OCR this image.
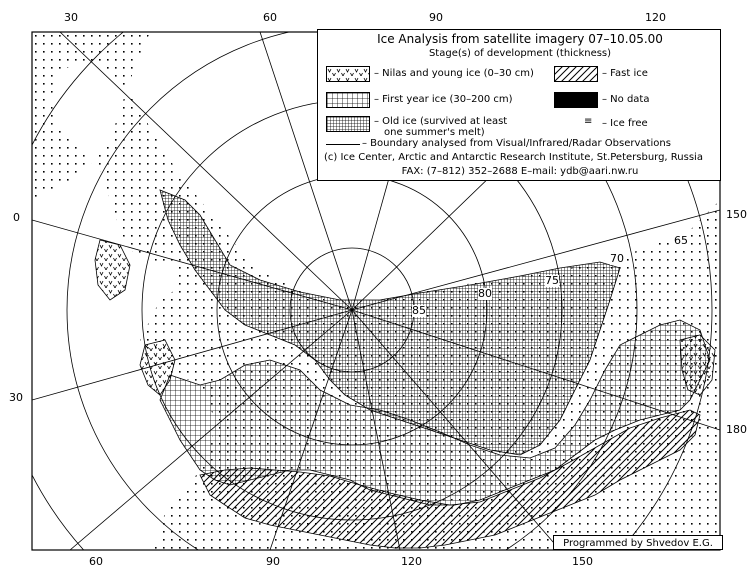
30	60	90	120
60	90	120	150
0
30
150
180
85
80
75
70
65
Ice Analysis from satellite imagery 07–10.05.00
Stage(s) of development (thickness)
– Nilas and young ice (0–30 cm)	– Fast ice
– First year ice (30–200 cm)	– No data
– Old ice (survived at least
one summer's melt)
≡ – Ice free
– Boundary analysed from Visual/Infrared/Radar Observations
(c) Ice Center, Arctic and Antarctic Research Institute, St.Petersburg, Russia
FAX: (7–812) 352–2688 E–mail: ydb@aari.nw.ru
Programmed by Shvedov E.G.
